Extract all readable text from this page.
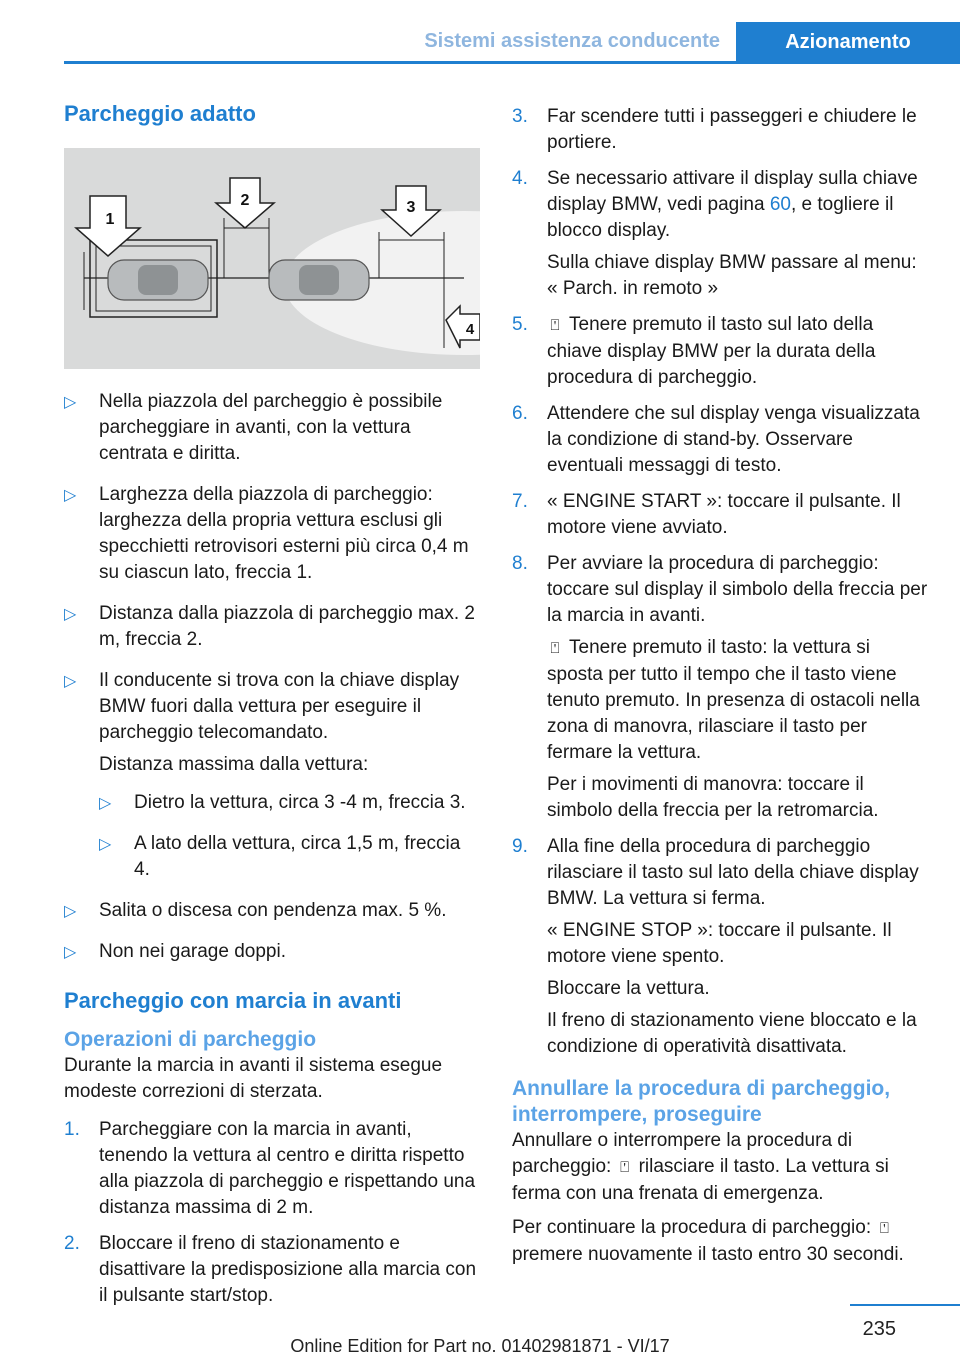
Sistemi assistenza conducente	Azionamento
Parcheggio adatto
1
2	3
4
▷ Nella piazzola del parcheggio è possibile parcheggiare in avanti, con la vettura centrata e diritta.
▷ Larghezza della piazzola di parcheggio: larghezza della propria vettura esclusi gli specchietti retrovisori esterni più circa 0,4 m su ciascun lato, freccia 1.
▷ Distanza dalla piazzola di parcheggio max. 2 m, freccia 2.
▷ Il conducente si trova con la chiave display BMW fuori dalla vettura per eseguire il parcheggio telecomandato.
Distanza massima dalla vettura:
▷ Dietro la vettura, circa 3 -4 m, freccia 3.
▷ A lato della vettura, circa 1,5 m, freccia 4.
▷ Salita o discesa con pendenza max. 5 %.
▷ Non nei garage doppi.
Parcheggio con marcia in avanti
Operazioni di parcheggio

Durante la marcia in avanti il sistema esegue modeste correzioni di sterzata.

1. Parcheggiare con la marcia in avanti, tenendo la vettura al centro e diritta rispetto alla piazzola di parcheggio e rispettando una distanza massima di 2 m.
2. Bloccare il freno di stazionamento e disattivare la predisposizione alla marcia con il pulsante start/stop.
3. Far scendere tutti i passeggeri e chiudere le portiere.
4. Se necessario attivare il display sulla chiave display BMW, vedi pagina 60, e togliere il blocco display.
Sulla chiave display BMW passare al menu: « Parch. in remoto »
5. ⍞ Tenere premuto il tasto sul lato della chiave display BMW per la durata della procedura di parcheggio.
6. Attendere che sul display venga visualizzata la condizione di stand-by. Osservare eventuali messaggi di testo.
7. « ENGINE START »: toccare il pulsante. Il motore viene avviato.
8. Per avviare la procedura di parcheggio: toccare sul display il simbolo della freccia per la marcia in avanti.
⍞ Tenere premuto il tasto: la vettura si sposta per tutto il tempo che il tasto viene tenuto premuto. In presenza di ostacoli nella zona di manovra, rilasciare il tasto per fermare la vettura.
Per i movimenti di manovra: toccare il simbolo della freccia per la retromarcia.
9. Alla fine della procedura di parcheggio rilasciare il tasto sul lato della chiave display BMW. La vettura si ferma.
« ENGINE STOP »: toccare il pulsante. Il motore viene spento.
Bloccare la vettura.
Il freno di stazionamento viene bloccato e la condizione di operatività disattivata.
Annullare la procedura di parcheggio, interrompere, proseguire

Annullare o interrompere la procedura di parcheggio: ⍞ rilasciare il tasto. La vettura si ferma con una frenata di emergenza.

Per continuare la procedura di parcheggio: ⍞premere nuovamente il tasto entro 30 secondi.

235
Online Edition for Part no. 01402981871 - VI/17
